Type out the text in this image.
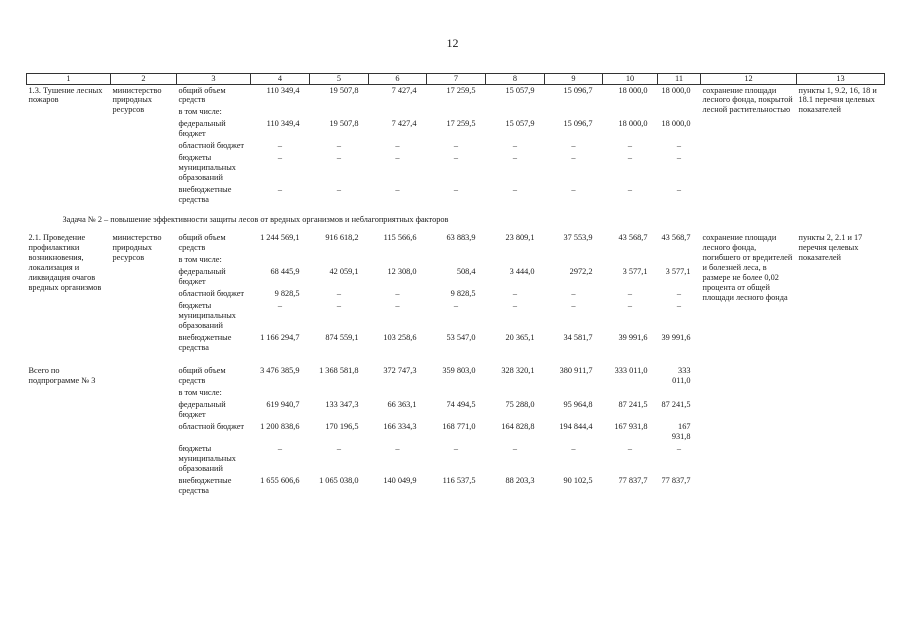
12
1	2	3	4	5	6	7	8	9	10	11	12	13
1.3. Тушение лесных пожаров	министерство природных ресурсов	общий объем средств	110 349,4	19 507,8	7 427,4	17 259,5	15 057,9	15 096,7	18 000,0	18 000,0	сохранение площади лесного фонда, покрытой лесной растительностью	пункты 1, 9.2, 16, 18 и 18.1 перечня целевых показателей
		в том числе:										
		федеральный бюджет	110 349,4	19 507,8	7 427,4	17 259,5	15 057,9	15 096,7	18 000,0	18 000,0		
		областной бюджет	–	–	–	–	–	–	–	–		
		бюджеты муниципальных образований	–	–	–	–	–	–	–	–		
		внебюджетные средства	–	–	–	–	–	–	–	–		
Задача № 2 – повышение эффективности защиты лесов от вредных организмов и неблагоприятных факторов												
2.1. Проведение профилактики возникновения, локализация и ликвидация очагов вредных организмов	министерство природных ресурсов	общий объем средств	1 244 569,1	916 618,2	115 566,6	63 883,9	23 809,1	37 553,9	43 568,7	43 568,7	сохранение площади лесного фонда, погибшего от вредителей и болезней леса, в размере не более 0,02 процента от общей площади лесного фонда	пункты 2, 2.1 и 17 перечня целевых показателей
		в том числе:										
		федеральный бюджет	68 445,9	42 059,1	12 308,0	508,4	3 444,0	2972,2	3 577,1	3 577,1		
		областной бюджет	9 828,5	–	–	9 828,5	–	–	–	–		
		бюджеты муниципальных образований	–	–	–	–	–	–	–	–		
		внебюджетные средства	1 166 294,7	874 559,1	103 258,6	53 547,0	20 365,1	34 581,7	39 991,6	39 991,6		

Всего по подпрограмме № 3		общий объем средств	3 476 385,9	1 368 581,8	372 747,3	359 803,0	328 320,1	380 911,7	333 011,0	333 011,0		
		в том числе:										
		федеральный бюджет	619 940,7	133 347,3	66 363,1	74 494,5	75 288,0	95 964,8	87 241,5	87 241,5		
		областной бюджет	1 200 838,6	170 196,5	166 334,3	168 771,0	164 828,8	194 844,4	167 931,8	167 931,8		
		бюджеты муниципальных образований	–	–	–	–	–	–	–	–		
		внебюджетные средства	1 655 606,6	1 065 038,0	140 049,9	116 537,5	88 203,3	90 102,5	77 837,7	77 837,7		
